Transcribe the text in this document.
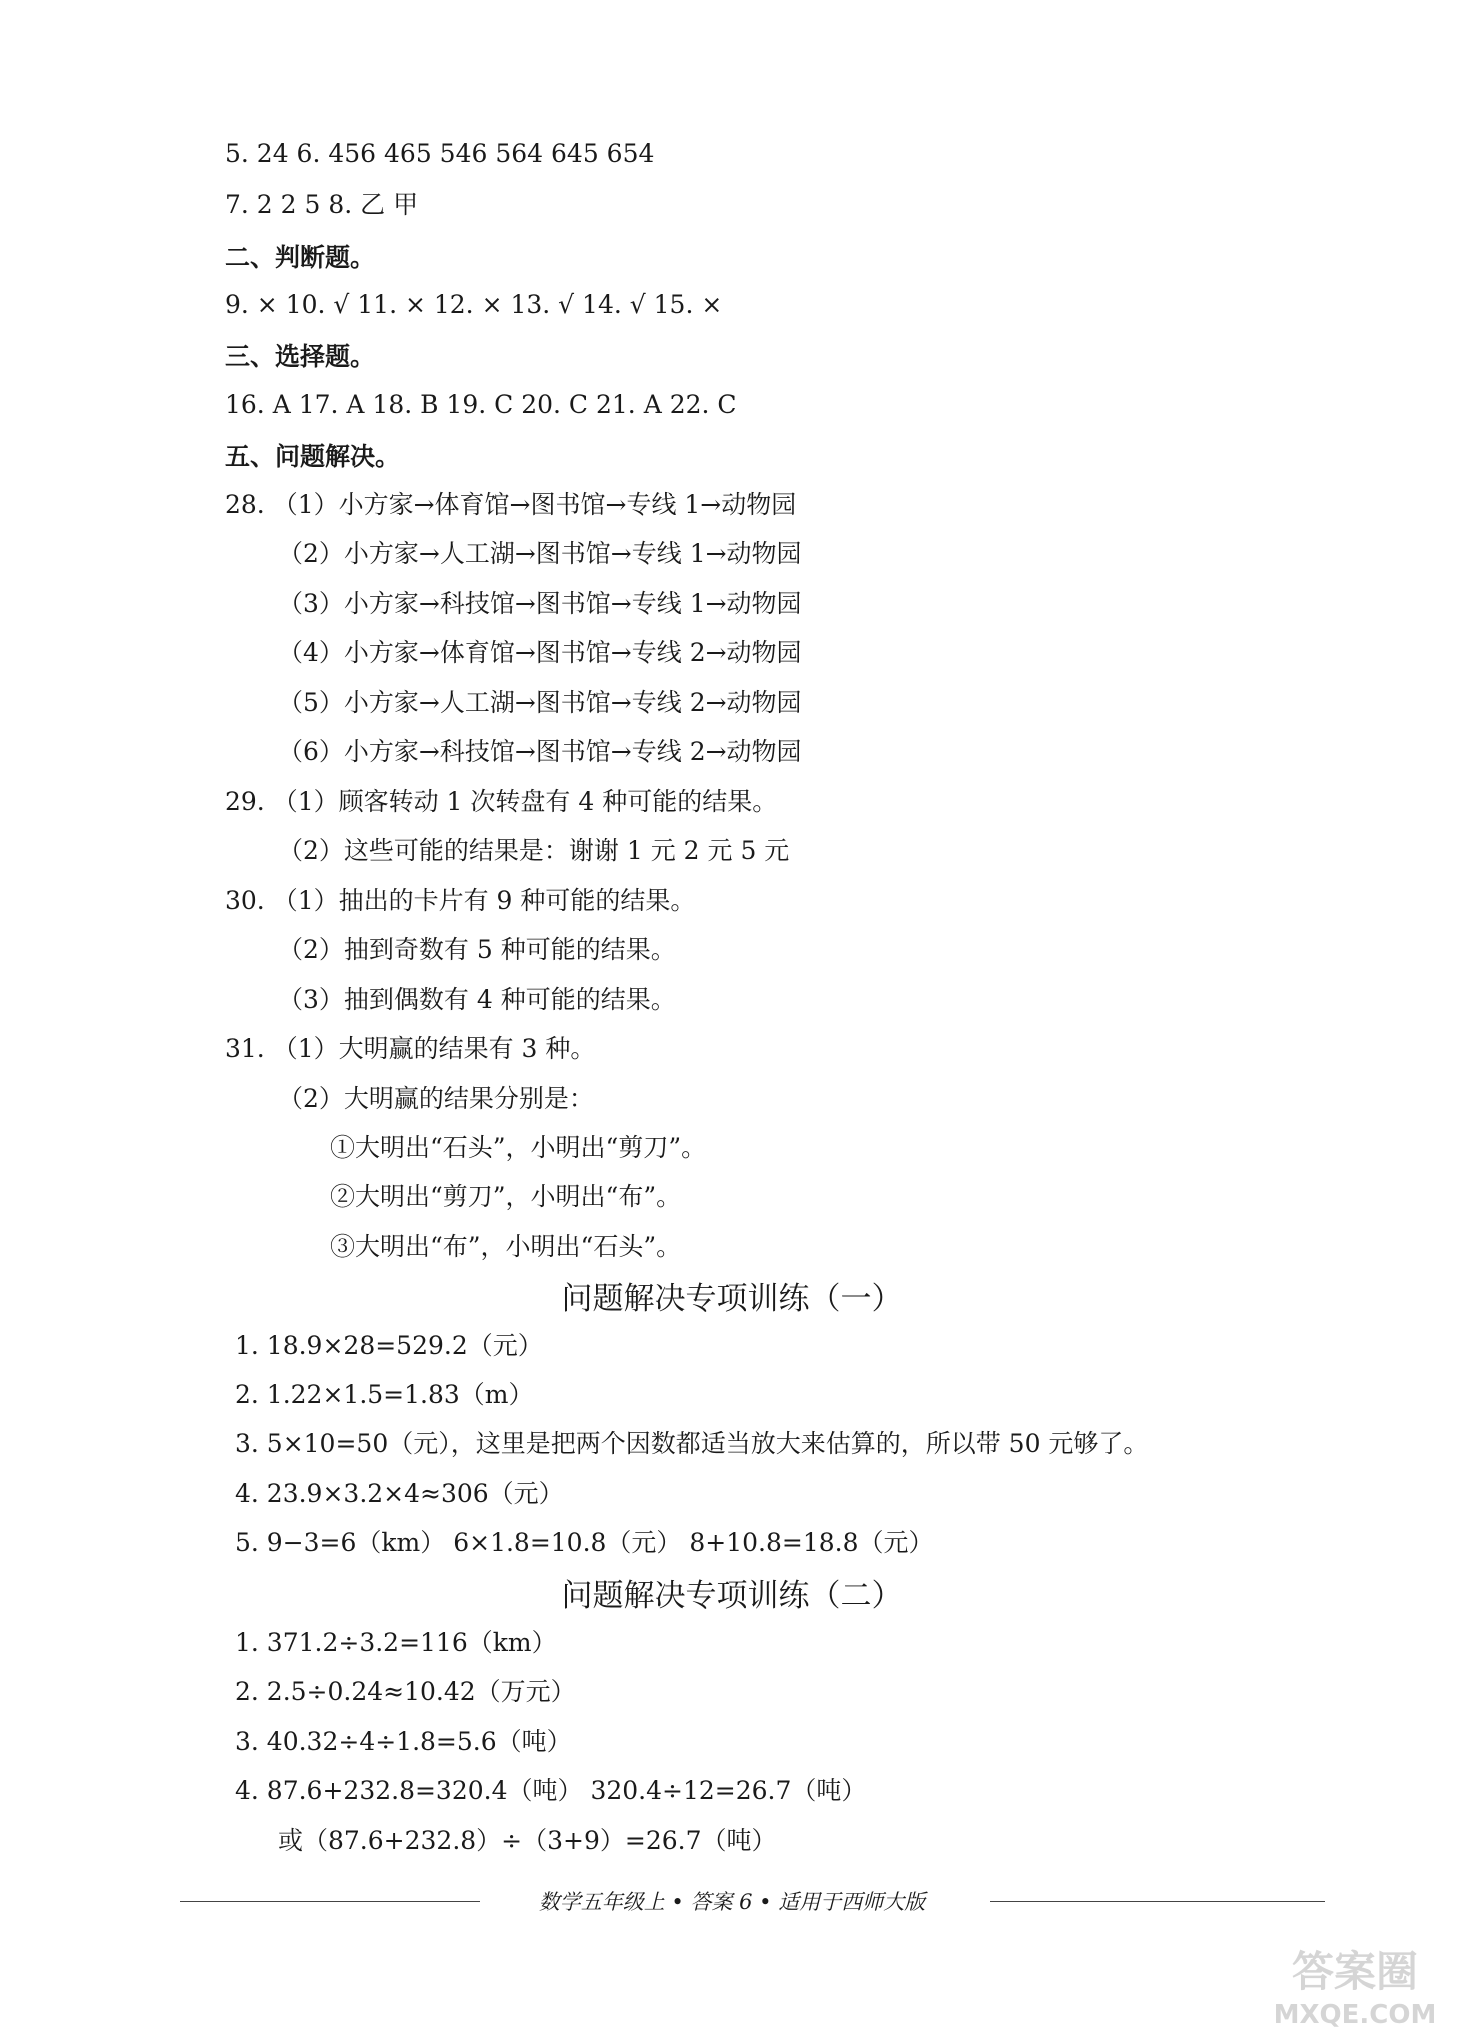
5. 24 6. 456 465 546 564 645 654
7. 2 2 5 8. 乙 甲
二、判断题。
9. × 10. √ 11. × 12. × 13. √ 14. √ 15. ×
三、选择题。
16. A 17. A 18. B 19. C 20. C 21. A 22. C
五、问题解决。
28. （1）小方家→体育馆→图书馆→专线 1→动物园
（2）小方家→人工湖→图书馆→专线 1→动物园
（3）小方家→科技馆→图书馆→专线 1→动物园
（4）小方家→体育馆→图书馆→专线 2→动物园
（5）小方家→人工湖→图书馆→专线 2→动物园
（6）小方家→科技馆→图书馆→专线 2→动物园
29. （1）顾客转动 1 次转盘有 4 种可能的结果。
（2）这些可能的结果是：谢谢 1 元 2 元 5 元
30. （1）抽出的卡片有 9 种可能的结果。
（2）抽到奇数有 5 种可能的结果。
（3）抽到偶数有 4 种可能的结果。
31. （1）大明赢的结果有 3 种。
（2）大明赢的结果分别是：
①大明出“石头”，小明出“剪刀”。
②大明出“剪刀”，小明出“布”。
③大明出“布”，小明出“石头”。
问题解决专项训练（一）
1. 18.9×28=529.2（元）
2. 1.22×1.5=1.83（m）
3. 5×10=50（元），这里是把两个因数都适当放大来估算的，所以带 50 元够了。
4. 23.9×3.2×4≈306（元）
5. 9−3=6（km） 6×1.8=10.8（元） 8+10.8=18.8（元）
问题解决专项训练（二）
1. 371.2÷3.2=116（km）
2. 2.5÷0.24≈10.42（万元）
3. 40.32÷4÷1.8=5.6（吨）
4. 87.6+232.8=320.4（吨） 320.4÷12=26.7（吨）
或（87.6+232.8）÷（3+9）=26.7（吨）
数学五年级上 • 答案 6 • 适用于西师大版
答案圈
MXQE.COM
